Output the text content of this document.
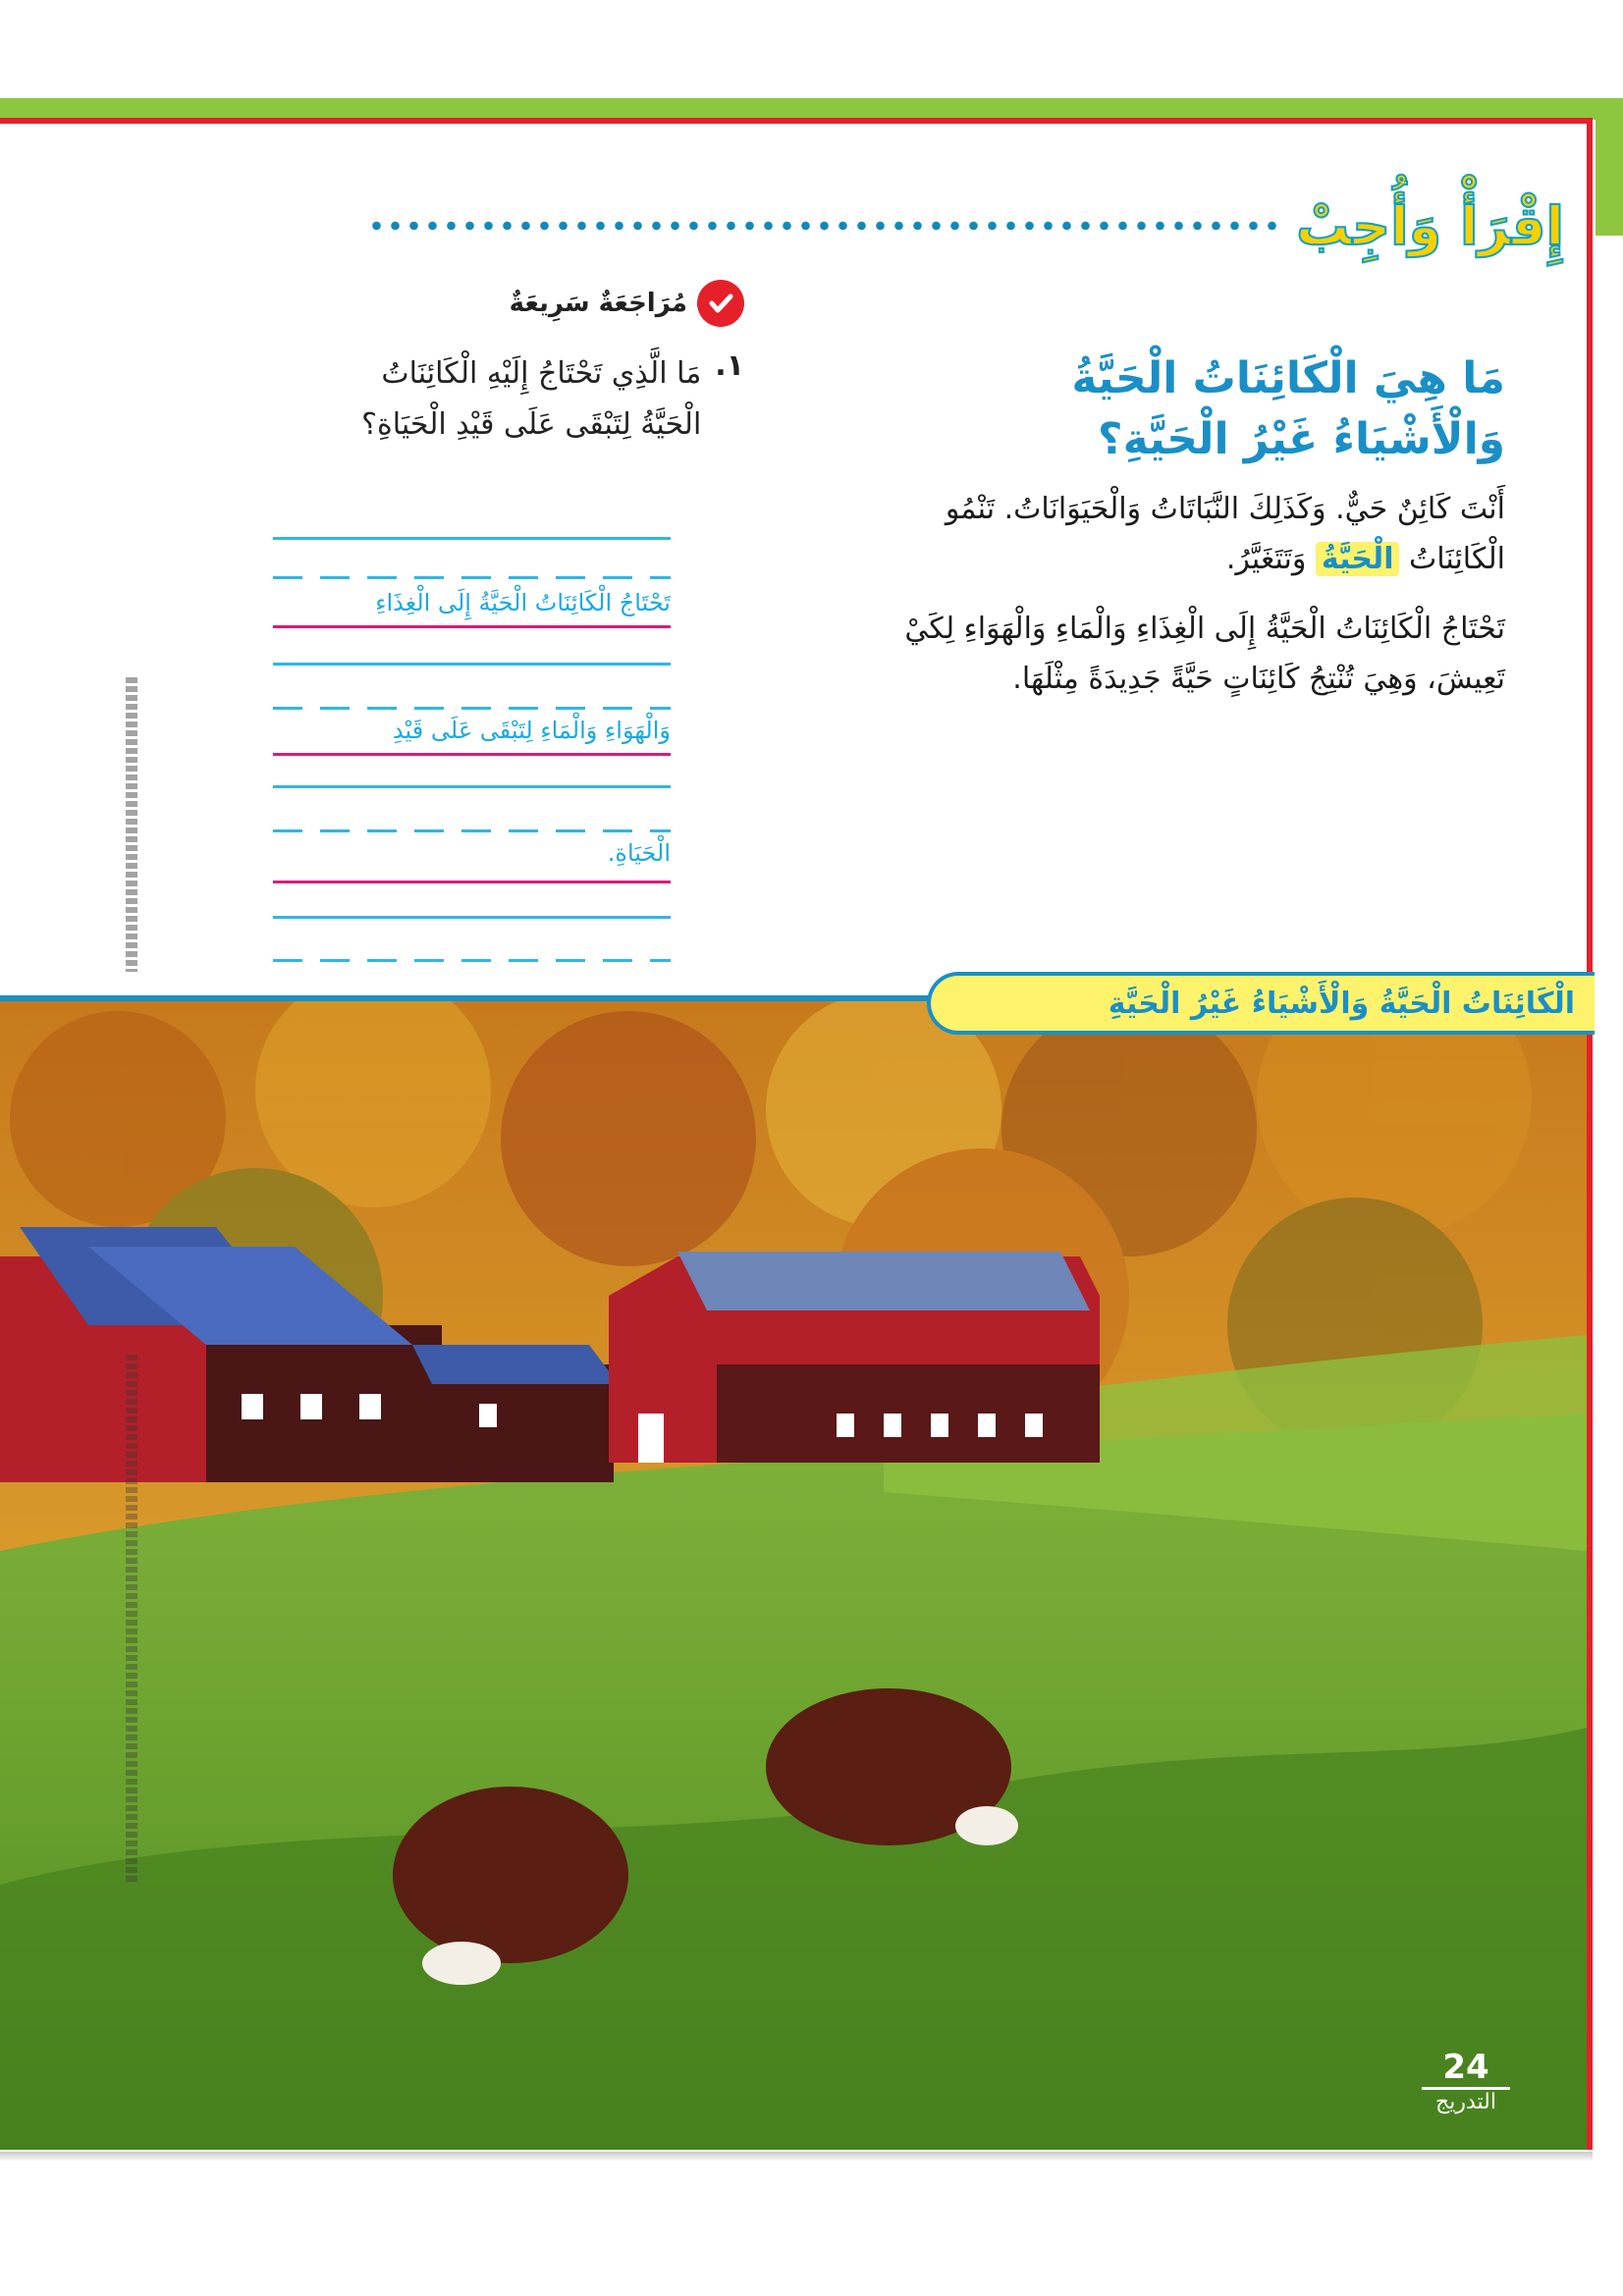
إِقْرَأْ وَأُجِبْ
مَا هِيَ الْكَائِنَاتُ الْحَيَّةُ
وَالْأَشْيَاءُ غَيْرُ الْحَيَّةِ؟

أَنْتَ كَائِنٌ حَيٌّ. وَكَذَلِكَ النَّبَاتَاتُ وَالْحَيَوَانَاتُ. تَنْمُو الْكَائِنَاتُ الْحَيَّةُ وَتَتَغَيَّرُ.

تَحْتَاجُ الْكَائِنَاتُ الْحَيَّةُ إِلَى الْغِذَاءِ وَالْمَاءِ وَالْهَوَاءِ لِكَيْ تَعِيشَ، وَهِيَ تُنْتِجُ كَائِنَاتٍ حَيَّةً جَدِيدَةً مِثْلَهَا.

مُرَاجَعَةٌ سَرِيعَةٌ
١.
مَا الَّذِي تَحْتَاجُ إِلَيْهِ الْكَائِنَاتُ الْحَيَّةُ لِتَبْقَى عَلَى قَيْدِ الْحَيَاةِ؟
تَحْتَاجُ الْكَائِنَاتُ الْحَيَّةُ إِلَى الْغِذَاءِ
وَالْهَوَاءِ وَالْمَاءِ لِتَبْقَى عَلَى قَيْدِ
الْحَيَاةِ.
الْكَائِنَاتُ الْحَيَّةُ وَالْأَشْيَاءُ غَيْرُ الْحَيَّةِ
24
التدريج
